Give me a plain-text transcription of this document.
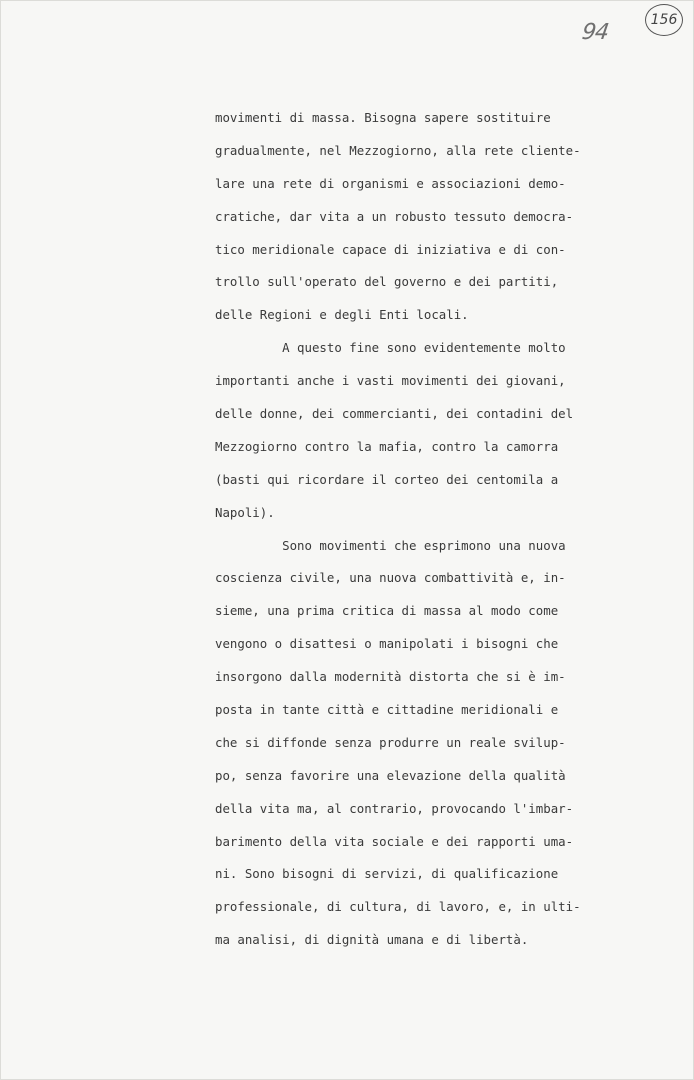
94	156
movimenti di massa. Bisogna sapere sostituire
gradualmente, nel Mezzogiorno, alla rete cliente-
lare una rete di organismi e associazioni demo-
cratiche, dar vita a un robusto tessuto democra-
tico meridionale capace di iniziativa e di con-
trollo sull'operato del governo e dei partiti,
delle Regioni e degli Enti locali.
A questo fine sono evidentemente molto
importanti anche i vasti movimenti dei giovani,
delle donne, dei commercianti, dei contadini del
Mezzogiorno contro la mafia, contro la camorra
(basti qui ricordare il corteo dei centomila a
Napoli).
Sono movimenti che esprimono una nuova
coscienza civile, una nuova combattività e, in-
sieme, una prima critica di massa al modo come
vengono o disattesi o manipolati i bisogni che
insorgono dalla modernità distorta che si è im-
posta in tante città e cittadine meridionali e
che si diffonde senza produrre un reale svilup-
po, senza favorire una elevazione della qualità
della vita ma, al contrario, provocando l'imbar-
barimento della vita sociale e dei rapporti uma-
ni. Sono bisogni di servizi, di qualificazione
professionale, di cultura, di lavoro, e, in ulti-
ma analisi, di dignità umana e di libertà.
